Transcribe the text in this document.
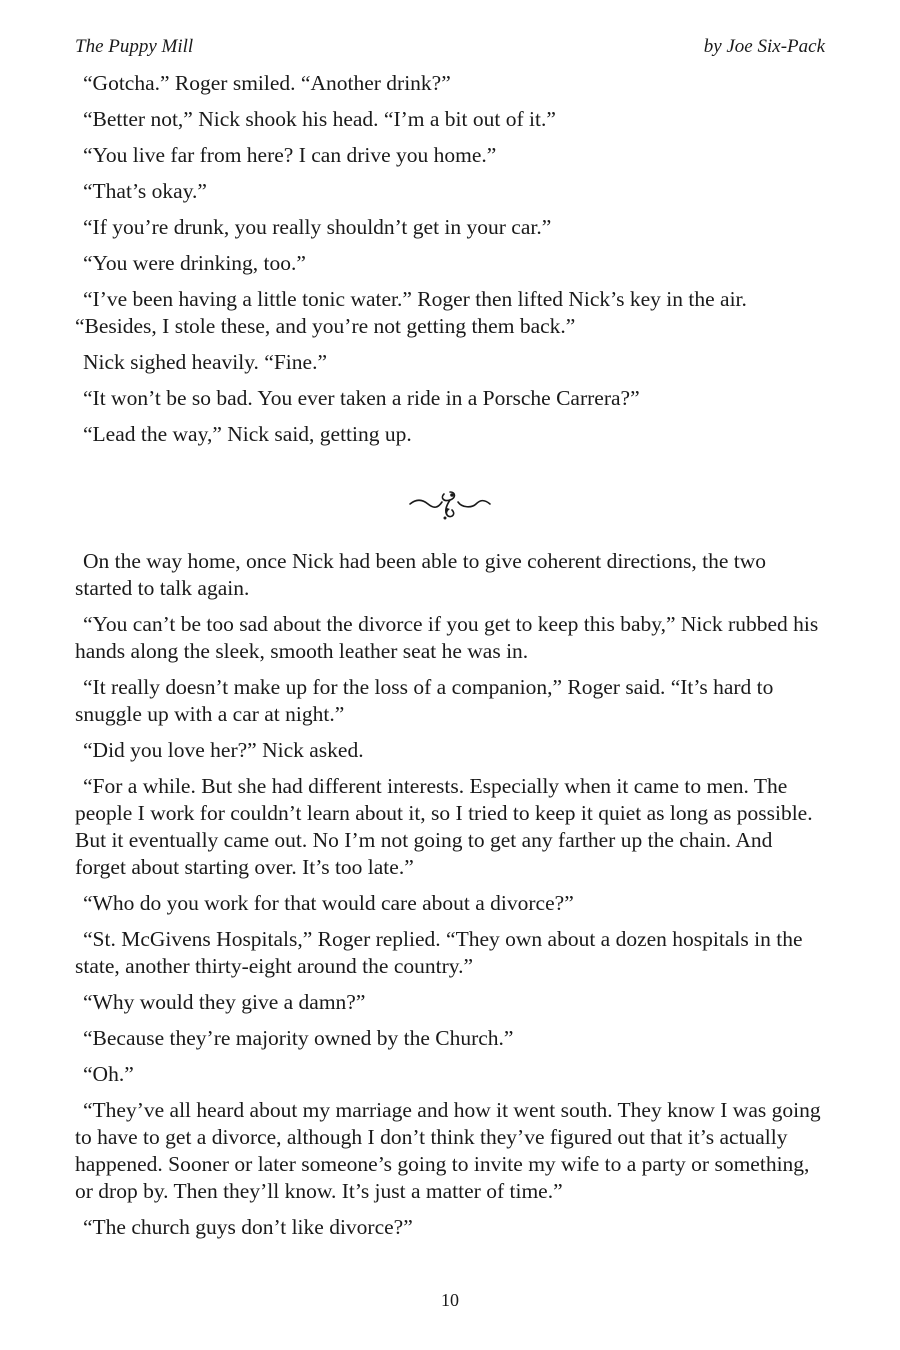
The Puppy Mill	by Joe Six-Pack

“Gotcha.” Roger smiled. “Another drink?”

“Better not,” Nick shook his head. “I’m a bit out of it.”

“You live far from here? I can drive you home.”

“That’s okay.”

“If you’re drunk, you really shouldn’t get in your car.”

“You were drinking, too.”

“I’ve been having a little tonic water.” Roger then lifted Nick’s key in the air. “Besides, I stole these, and you’re not getting them back.”

Nick sighed heavily. “Fine.”

“It won’t be so bad. You ever taken a ride in a Porsche Carrera?”

“Lead the way,” Nick said, getting up.

On the way home, once Nick had been able to give coherent directions, the two started to talk again.

“You can’t be too sad about the divorce if you get to keep this baby,” Nick rubbed his hands along the sleek, smooth leather seat he was in.

“It really doesn’t make up for the loss of a companion,” Roger said. “It’s hard to snuggle up with a car at night.”

“Did you love her?” Nick asked.

“For a while. But she had different interests. Especially when it came to men. The people I work for couldn’t learn about it, so I tried to keep it quiet as long as possible. But it eventually came out. No I’m not going to get any farther up the chain. And forget about starting over. It’s too late.”

“Who do you work for that would care about a divorce?”

“St. McGivens Hospitals,” Roger replied. “They own about a dozen hospitals in the state, another thirty-eight around the country.”

“Why would they give a damn?”

“Because they’re majority owned by the Church.”

“Oh.”

“They’ve all heard about my marriage and how it went south. They know I was going to have to get a divorce, although I don’t think they’ve figured out that it’s actually happened. Sooner or later someone’s going to invite my wife to a party or something, or drop by. Then they’ll know. It’s just a matter of time.”

“The church guys don’t like divorce?”

10
